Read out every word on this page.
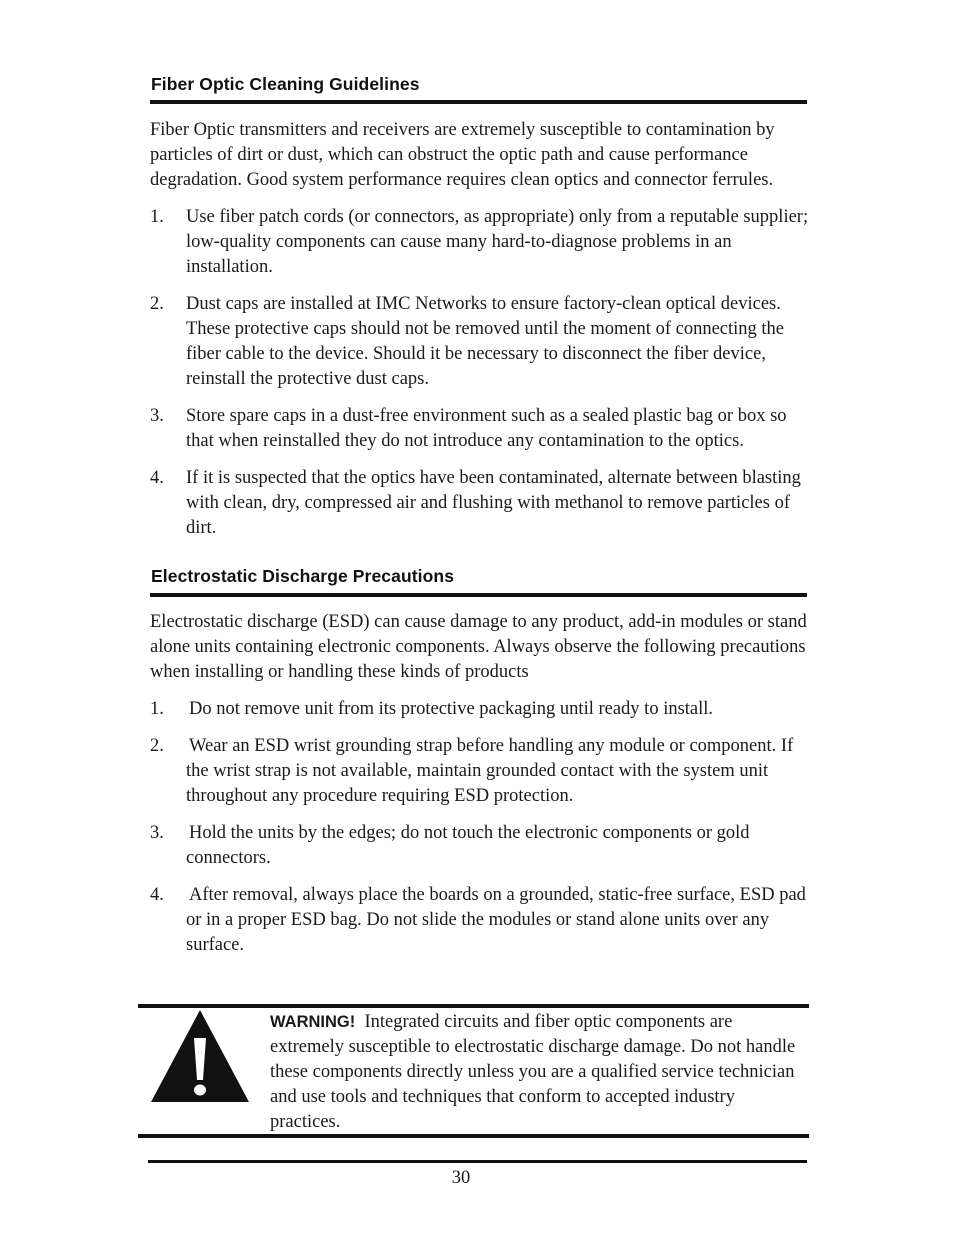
Fiber Optic Cleaning Guidelines

Fiber Optic transmitters and receivers are extremely susceptible to contamination by particles of dirt or dust, which can obstruct the optic path and cause performance degradation. Good system performance requires clean optics and connector ferrules.

1. Use fiber patch cords (or connectors, as appropriate) only from a reputable supplier; low-quality components can cause many hard-to-diagnose problems in an installation.
2. Dust caps are installed at IMC Networks to ensure factory-clean optical devices. These protective caps should not be removed until the moment of connecting the fiber cable to the device. Should it be necessary to disconnect the fiber device, reinstall the protective dust caps.
3. Store spare caps in a dust-free environment such as a sealed plastic bag or box so that when reinstalled they do not introduce any contamination to the optics.
4. If it is suspected that the optics have been contaminated, alternate between blasting with clean, dry, compressed air and flushing with methanol to remove particles of dirt.
Electrostatic Discharge Precautions

Electrostatic discharge (ESD) can cause damage to any product, add-in modules or stand alone units containing electronic components. Always observe the following precautions when installing or handling these kinds of products

1. Do not remove unit from its protective packaging until ready to install.
2. Wear an ESD wrist grounding strap before handling any module or component. If the wrist strap is not available, maintain grounded contact with the system unit throughout any procedure requiring ESD protection.
3. Hold the units by the edges; do not touch the electronic components or gold connectors.
4. After removal, always place the boards on a grounded, static-free surface, ESD pad or in a proper ESD bag. Do not slide the modules or stand alone units over any surface.
WARNING! Integrated circuits and fiber optic components are extremely susceptible to electrostatic discharge damage. Do not handle these components directly unless you are a qualified service technician and use tools and techniques that conform to accepted industry practices.
30
